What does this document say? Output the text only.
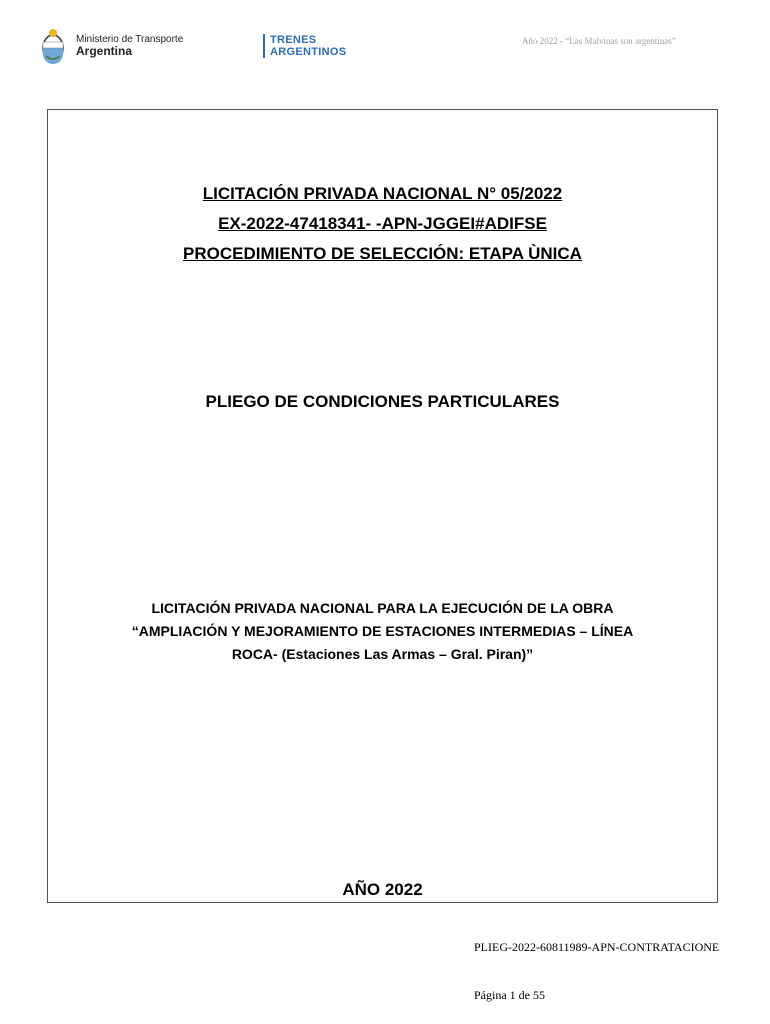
Ministerio de Transporte
Argentina
TRENES
ARGENTINOS
Año 2022 - “Las Malvinas son argentinas”
LICITACIÓN PRIVADA NACIONAL N° 05/2022
EX-2022-47418341- -APN-JGGEI#ADIFSE
PROCEDIMIENTO DE SELECCIÓN: ETAPA ÙNICA
PLIEGO DE CONDICIONES PARTICULARES
LICITACIÓN PRIVADA NACIONAL PARA LA EJECUCIÓN DE LA OBRA
“AMPLIACIÓN Y MEJORAMIENTO DE ESTACIONES INTERMEDIAS – LÍNEA
ROCA- (Estaciones Las Armas – Gral. Piran)”
AÑO 2022
PLIEG-2022-60811989-APN-CONTRATACIONE
Página 1 de 55
